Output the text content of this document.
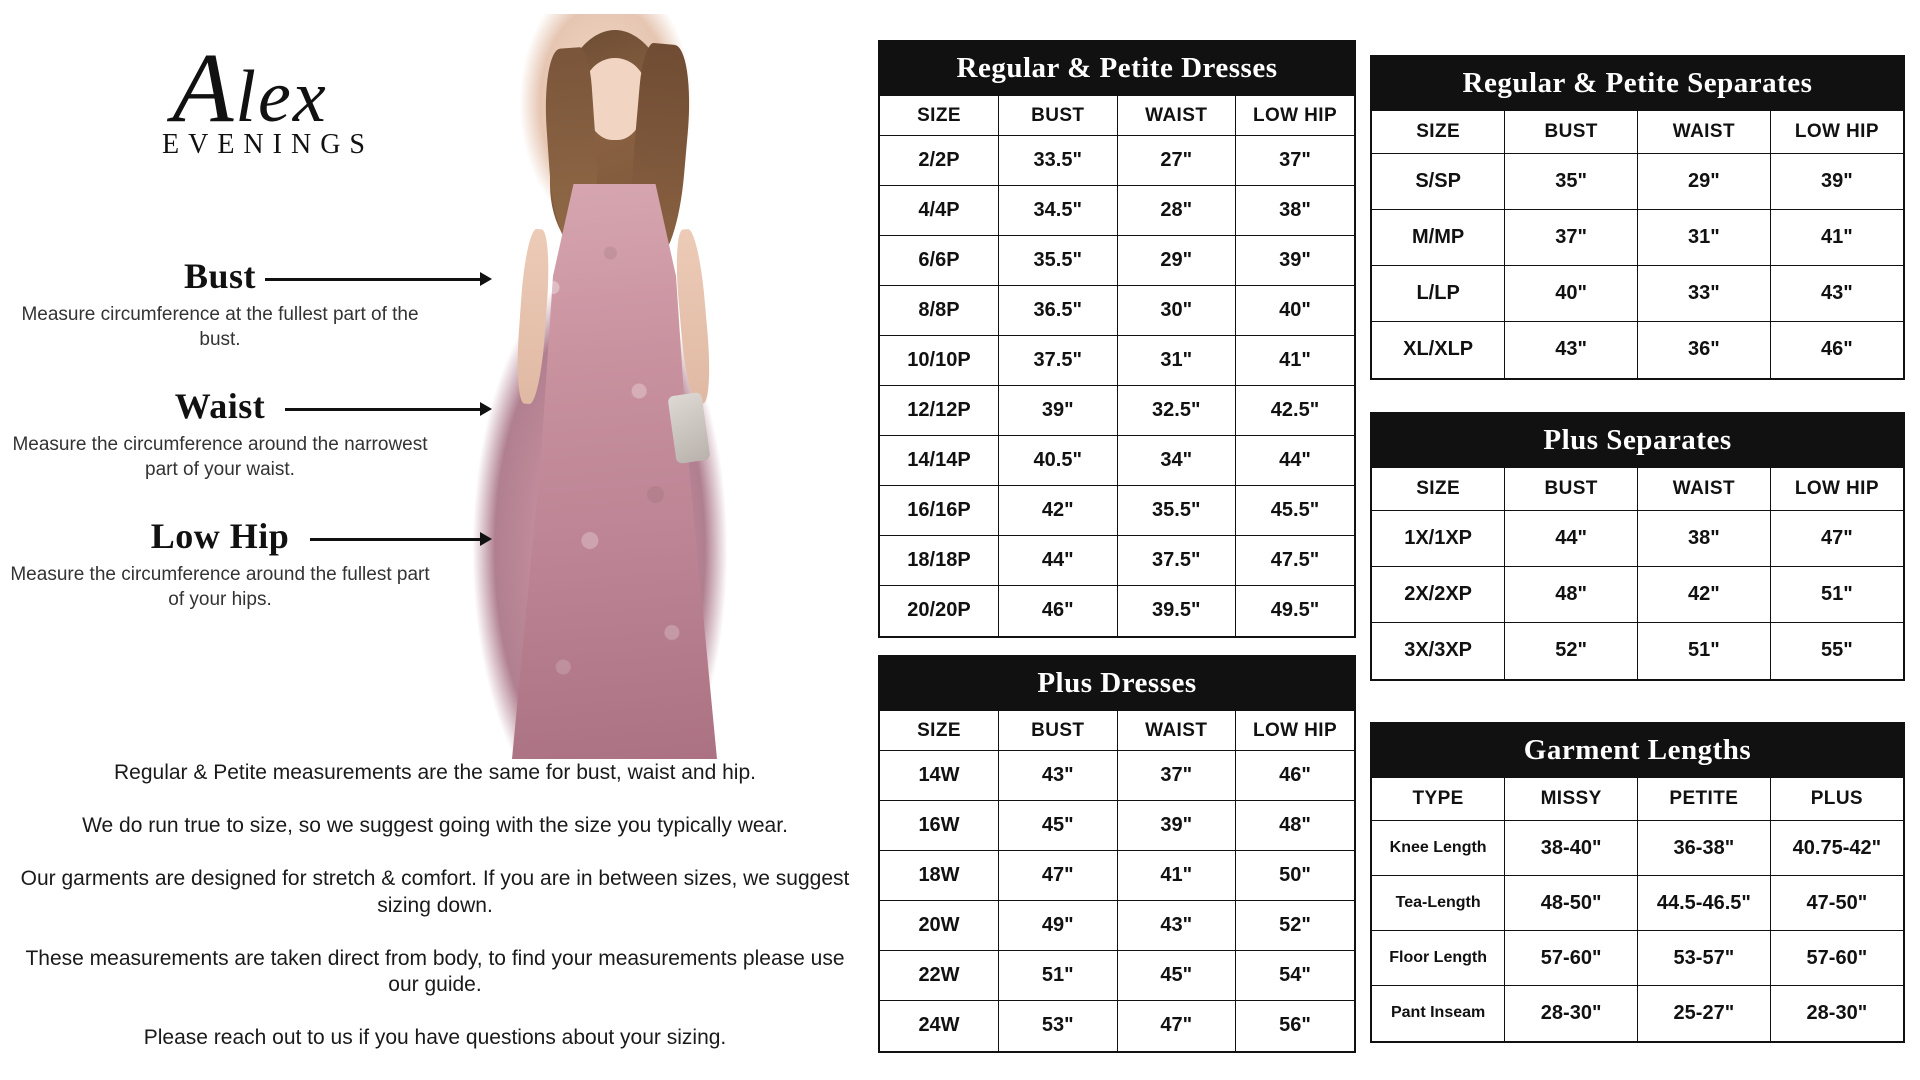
Alex
EVENINGS
Bust

Measure circumference at the fullest part of the bust.

Waist

Measure the circumference around the narrowest part of your waist.

Low Hip

Measure the circumference around the fullest part of your hips.

Regular & Petite measurements are the same for bust, waist and hip.

We do run true to size, so we suggest going with the size you typically wear.

Our garments are designed for stretch & comfort. If you are in between sizes, we suggest sizing down.

These measurements are taken direct from body, to find your measurements please use our guide.

Please reach out to us if you have questions about your sizing.

Regular & Petite Dresses
SIZE	BUST	WAIST	LOW HIP
2/2P	33.5"	27"	37"
4/4P	34.5"	28"	38"
6/6P	35.5"	29"	39"
8/8P	36.5"	30"	40"
10/10P	37.5"	31"	41"
12/12P	39"	32.5"	42.5"
14/14P	40.5"	34"	44"
16/16P	42"	35.5"	45.5"
18/18P	44"	37.5"	47.5"
20/20P	46"	39.5"	49.5"
Plus Dresses
SIZE	BUST	WAIST	LOW HIP
14W	43"	37"	46"
16W	45"	39"	48"
18W	47"	41"	50"
20W	49"	43"	52"
22W	51"	45"	54"
24W	53"	47"	56"
Regular & Petite Separates
SIZE	BUST	WAIST	LOW HIP
S/SP	35"	29"	39"
M/MP	37"	31"	41"
L/LP	40"	33"	43"
XL/XLP	43"	36"	46"
Plus Separates
SIZE	BUST	WAIST	LOW HIP
1X/1XP	44"	38"	47"
2X/2XP	48"	42"	51"
3X/3XP	52"	51"	55"
Garment Lengths
TYPE	MISSY	PETITE	PLUS
Knee Length	38-40"	36-38"	40.75-42"
Tea-Length	48-50"	44.5-46.5"	47-50"
Floor Length	57-60"	53-57"	57-60"
Pant Inseam	28-30"	25-27"	28-30"
